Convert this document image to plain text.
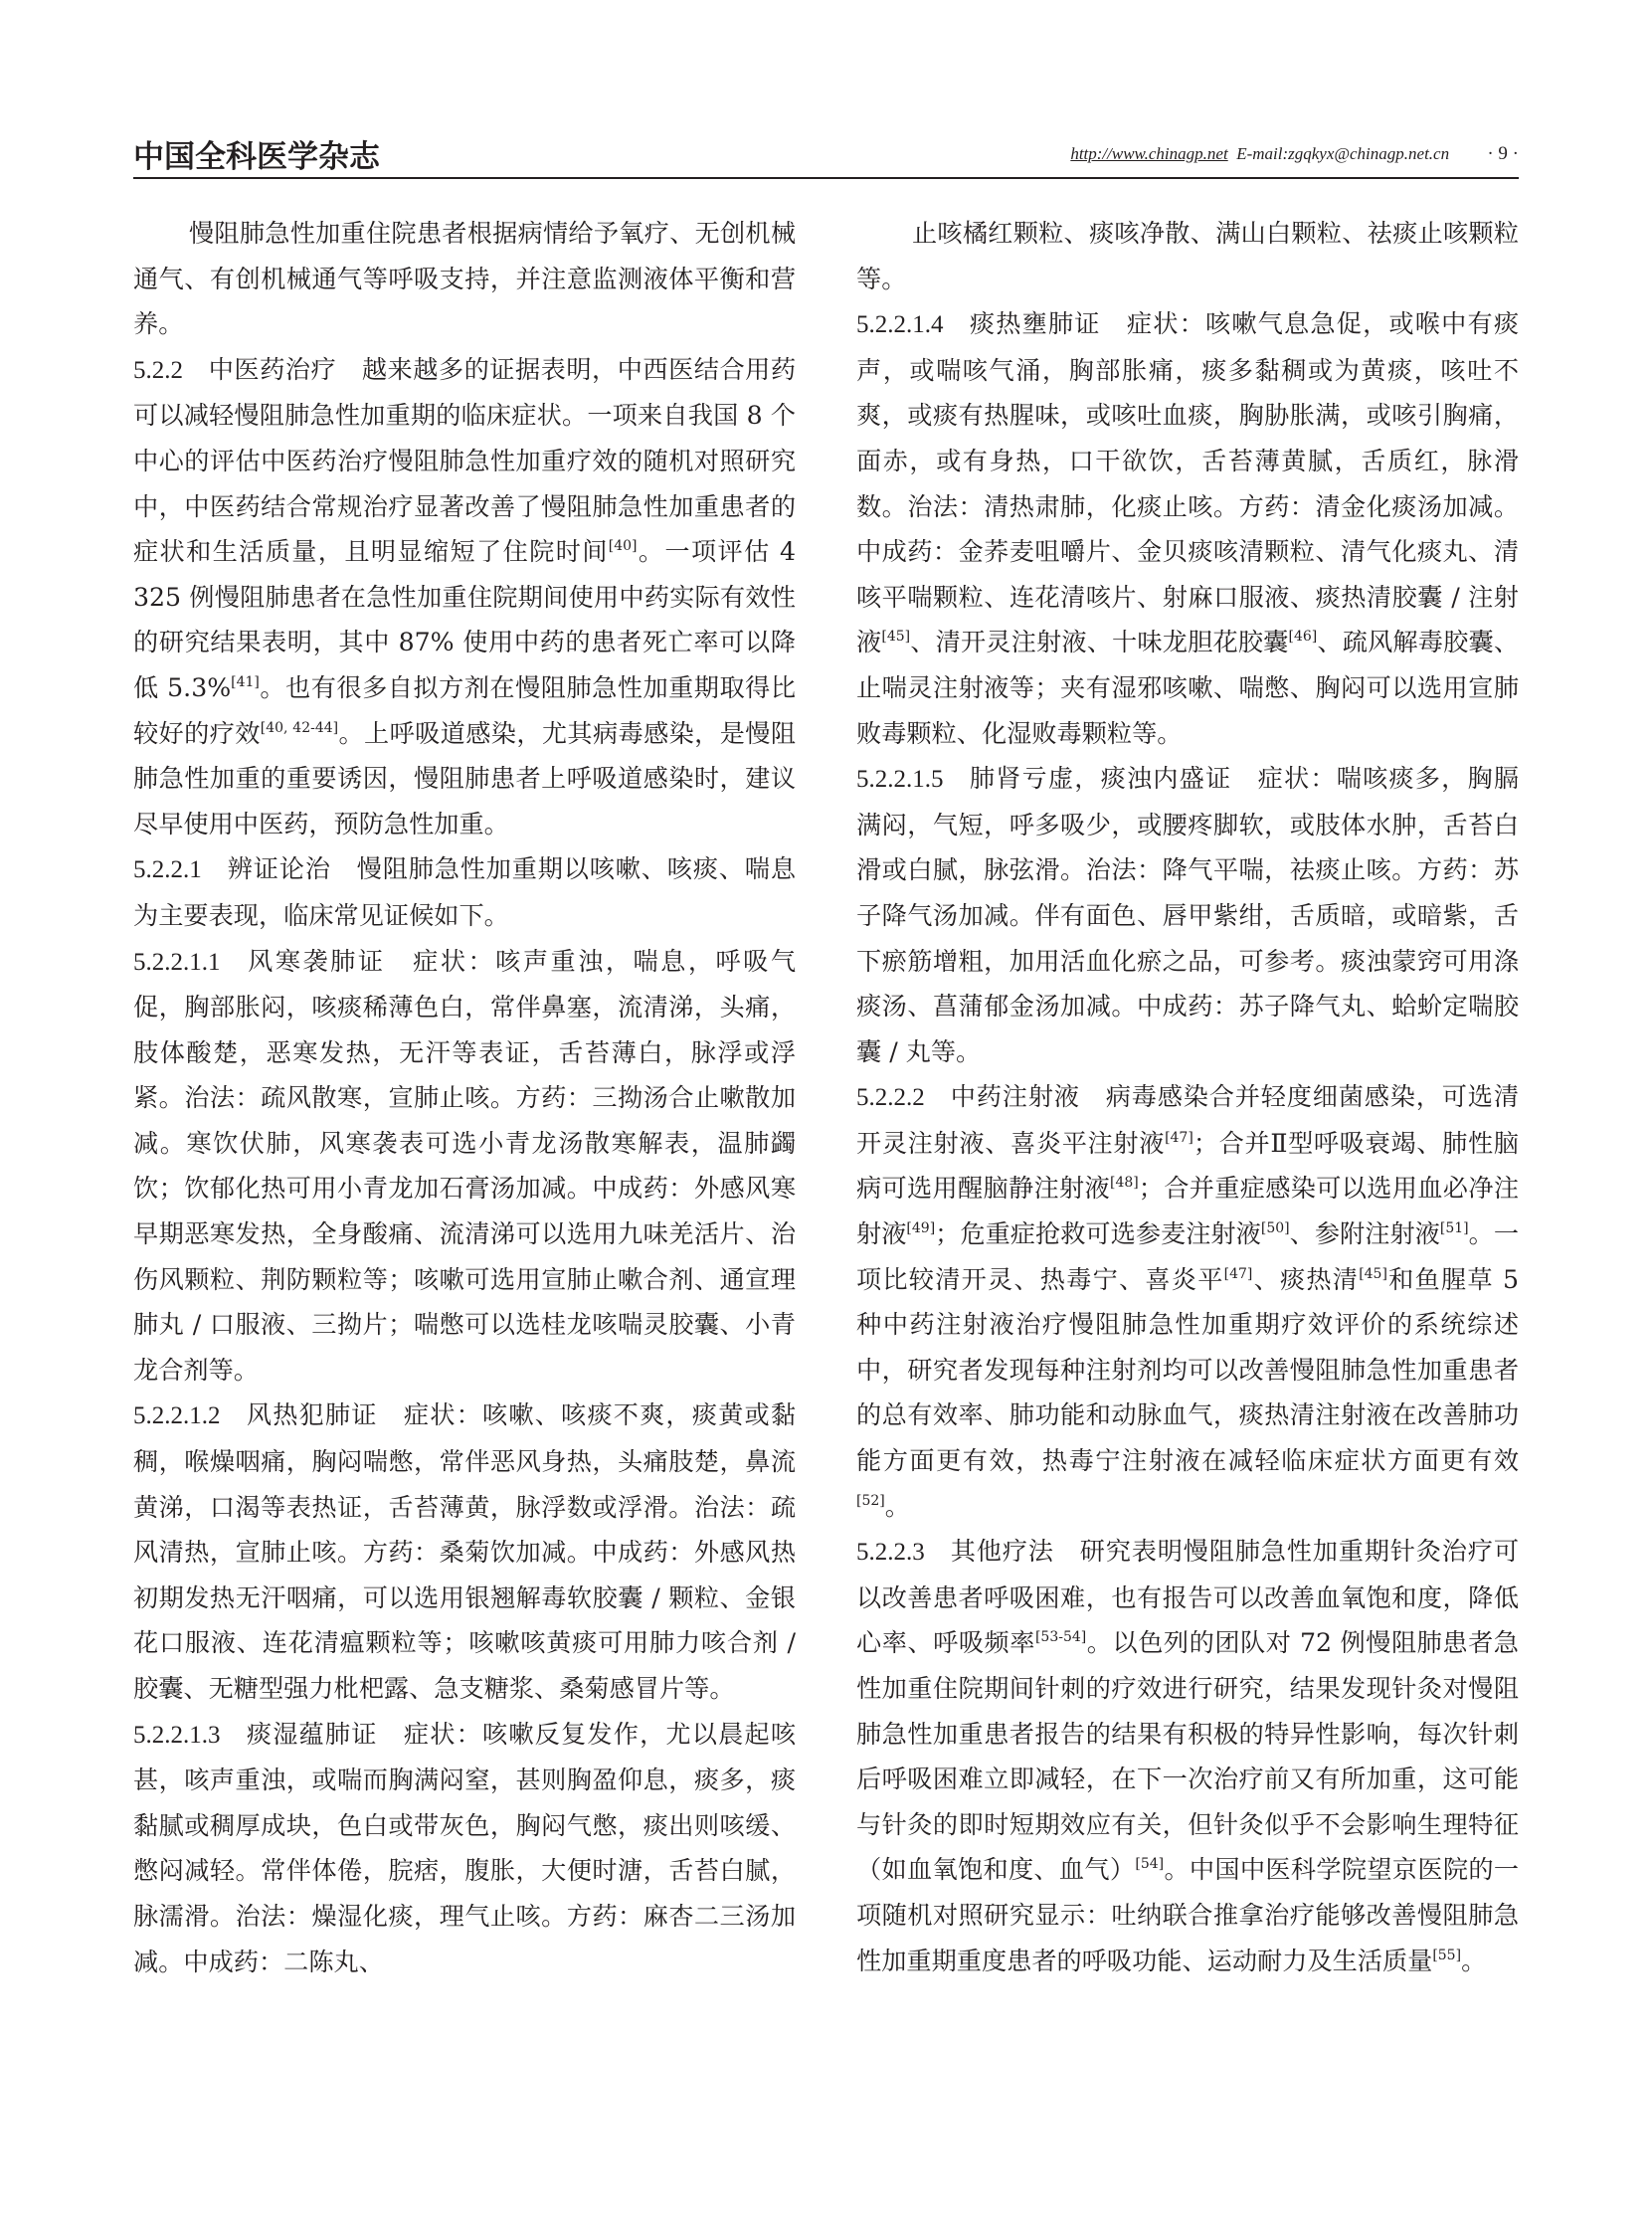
中国全科医学杂志	http://www.chinagp.net E-mail:zgqkyx@chinagp.net.cn · 9 ·

慢阻肺急性加重住院患者根据病情给予氧疗、无创机械通气、有创机械通气等呼吸支持，并注意监测液体平衡和营养。

5.2.2  中医药治疗　越来越多的证据表明，中西医结合用药可以减轻慢阻肺急性加重期的临床症状。一项来自我国 8 个中心的评估中医药治疗慢阻肺急性加重疗效的随机对照研究中，中医药结合常规治疗显著改善了慢阻肺急性加重患者的症状和生活质量，且明显缩短了住院时间[40]。一项评估 4 325 例慢阻肺患者在急性加重住院期间使用中药实际有效性的研究结果表明，其中 87% 使用中药的患者死亡率可以降低 5.3%[41]。也有很多自拟方剂在慢阻肺急性加重期取得比较好的疗效[40, 42-44]。上呼吸道感染，尤其病毒感染，是慢阻肺急性加重的重要诱因，慢阻肺患者上呼吸道感染时，建议尽早使用中医药，预防急性加重。

5.2.2.1  辨证论治　慢阻肺急性加重期以咳嗽、咳痰、喘息为主要表现，临床常见证候如下。

5.2.2.1.1  风寒袭肺证　症状：咳声重浊，喘息，呼吸气促，胸部胀闷，咳痰稀薄色白，常伴鼻塞，流清涕，头痛，肢体酸楚，恶寒发热，无汗等表证，舌苔薄白，脉浮或浮紧。治法：疏风散寒，宣肺止咳。方药：三拗汤合止嗽散加减。寒饮伏肺，风寒袭表可选小青龙汤散寒解表，温肺蠲饮；饮郁化热可用小青龙加石膏汤加减。中成药：外感风寒早期恶寒发热，全身酸痛、流清涕可以选用九味羌活片、治伤风颗粒、荆防颗粒等；咳嗽可选用宣肺止嗽合剂、通宣理肺丸 / 口服液、三拗片；喘憋可以选桂龙咳喘灵胶囊、小青龙合剂等。

5.2.2.1.2  风热犯肺证　症状：咳嗽、咳痰不爽，痰黄或黏稠，喉燥咽痛，胸闷喘憋，常伴恶风身热，头痛肢楚，鼻流黄涕，口渴等表热证，舌苔薄黄，脉浮数或浮滑。治法：疏风清热，宣肺止咳。方药：桑菊饮加减。中成药：外感风热初期发热无汗咽痛，可以选用银翘解毒软胶囊 / 颗粒、金银花口服液、连花清瘟颗粒等；咳嗽咳黄痰可用肺力咳合剂 / 胶囊、无糖型强力枇杷露、急支糖浆、桑菊感冒片等。

5.2.2.1.3  痰湿蕴肺证　症状：咳嗽反复发作，尤以晨起咳甚，咳声重浊，或喘而胸满闷窒，甚则胸盈仰息，痰多，痰黏腻或稠厚成块，色白或带灰色，胸闷气憋，痰出则咳缓、憋闷减轻。常伴体倦，脘痞，腹胀，大便时溏，舌苔白腻，脉濡滑。治法：燥湿化痰，理气止咳。方药：麻杏二三汤加减。中成药：二陈丸、

止咳橘红颗粒、痰咳净散、满山白颗粒、祛痰止咳颗粒等。

5.2.2.1.4  痰热壅肺证　症状：咳嗽气息急促，或喉中有痰声，或喘咳气涌，胸部胀痛，痰多黏稠或为黄痰，咳吐不爽，或痰有热腥味，或咳吐血痰，胸胁胀满，或咳引胸痛，面赤，或有身热，口干欲饮，舌苔薄黄腻，舌质红，脉滑数。治法：清热肃肺，化痰止咳。方药：清金化痰汤加减。中成药：金荞麦咀嚼片、金贝痰咳清颗粒、清气化痰丸、清咳平喘颗粒、连花清咳片、射麻口服液、痰热清胶囊 / 注射液[45]、清开灵注射液、十味龙胆花胶囊[46]、疏风解毒胶囊、止喘灵注射液等；夹有湿邪咳嗽、喘憋、胸闷可以选用宣肺败毒颗粒、化湿败毒颗粒等。

5.2.2.1.5  肺肾亏虚，痰浊内盛证　症状：喘咳痰多，胸膈满闷，气短，呼多吸少，或腰疼脚软，或肢体水肿，舌苔白滑或白腻，脉弦滑。治法：降气平喘，祛痰止咳。方药：苏子降气汤加减。伴有面色、唇甲紫绀，舌质暗，或暗紫，舌下瘀筋增粗，加用活血化瘀之品，可参考。痰浊蒙窍可用涤痰汤、菖蒲郁金汤加减。中成药：苏子降气丸、蛤蚧定喘胶囊 / 丸等。

5.2.2.2  中药注射液　病毒感染合并轻度细菌感染，可选清开灵注射液、喜炎平注射液[47]；合并Ⅱ型呼吸衰竭、肺性脑病可选用醒脑静注射液[48]；合并重症感染可以选用血必净注射液[49]；危重症抢救可选参麦注射液[50]、参附注射液[51]。一项比较清开灵、热毒宁、喜炎平[47]、痰热清[45]和鱼腥草 5 种中药注射液治疗慢阻肺急性加重期疗效评价的系统综述中，研究者发现每种注射剂均可以改善慢阻肺急性加重患者的总有效率、肺功能和动脉血气，痰热清注射液在改善肺功能方面更有效，热毒宁注射液在减轻临床症状方面更有效[52]。

5.2.2.3  其他疗法　研究表明慢阻肺急性加重期针灸治疗可以改善患者呼吸困难，也有报告可以改善血氧饱和度，降低心率、呼吸频率[53-54]。以色列的团队对 72 例慢阻肺患者急性加重住院期间针刺的疗效进行研究，结果发现针灸对慢阻肺急性加重患者报告的结果有积极的特异性影响，每次针刺后呼吸困难立即减轻，在下一次治疗前又有所加重，这可能与针灸的即时短期效应有关，但针灸似乎不会影响生理特征（如血氧饱和度、血气）[54]。中国中医科学院望京医院的一项随机对照研究显示：吐纳联合推拿治疗能够改善慢阻肺急性加重期重度患者的呼吸功能、运动耐力及生活质量[55]。
